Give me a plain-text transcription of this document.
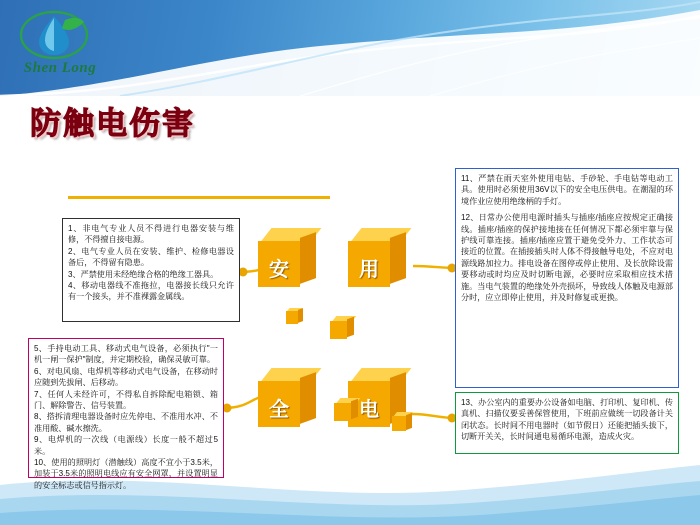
Shen Long
防触电伤害
安	用
全	电

1、非电气专业人员不得进行电器安装与维修，不得擅自接电源。

2、电气专业人员在安装、维护、检修电器设备后，不得留有隐患。

3、严禁使用未经绝缘合格的绝缘工器具。

4、移动电器线不准拖拉，电器接长线只允许有一个接头，并不准裸露金属线。

5、手持电动工具、移动式电气设备，必须执行"一机一闸一保护"制度，并定期校验，确保灵敏可靠。

6、对电风扇、电焊机等移动式电气设备，在移动时应随到先拔闸、后移动。

7、任何人未经许可，不得私自拆除配电箱锁、箱门、解除警告、信号装置。

8、搭拆清理电器设备时应先停电、不准用水冲、不准用酸、碱水擦洗。

9、电焊机的一次线（电源线）长度一般不超过5米。

10、使用的照明灯（潜触线）高度不宜小于3.5米，加装于3.5米的照明电线应有安全网罩，并设置明显的安全标志或信号指示灯。

11、严禁在雨天室外使用电钻、手砂轮、手电钻等电动工具。使用时必须使用36V以下的安全电压供电。在潮湿的环境作业应使用绝缘柄的手灯。

12、日常办公使用电源时插头与插座/插座应按规定正确接线。插座/插座的保护接地接在任何情况下都必须牢靠与保护线可靠连接。插座/插座应置于避免受外力、工作状态可接近的位置。在插接插头时人体不得接触导电处，不应对电源线路加拉力。排电设备在图停或停止使用、及长放除设需要移动或时均应及时切断电源，必要时应采取相应技术措施。当电气装置的绝缘处外壳损坏，导致线人体触及电源部分时，应立即停止使用，并及时修复或更换。

13、办公室内的重要办公设备如电脑、打印机、复印机、传真机、扫描仪要妥善保管使用，下班前应做统一切段备计关闭状态。长时间不用电器时（如节假日）还能把插头拔下，切断开关关，长时间通电易循环电源，造成火灾。
